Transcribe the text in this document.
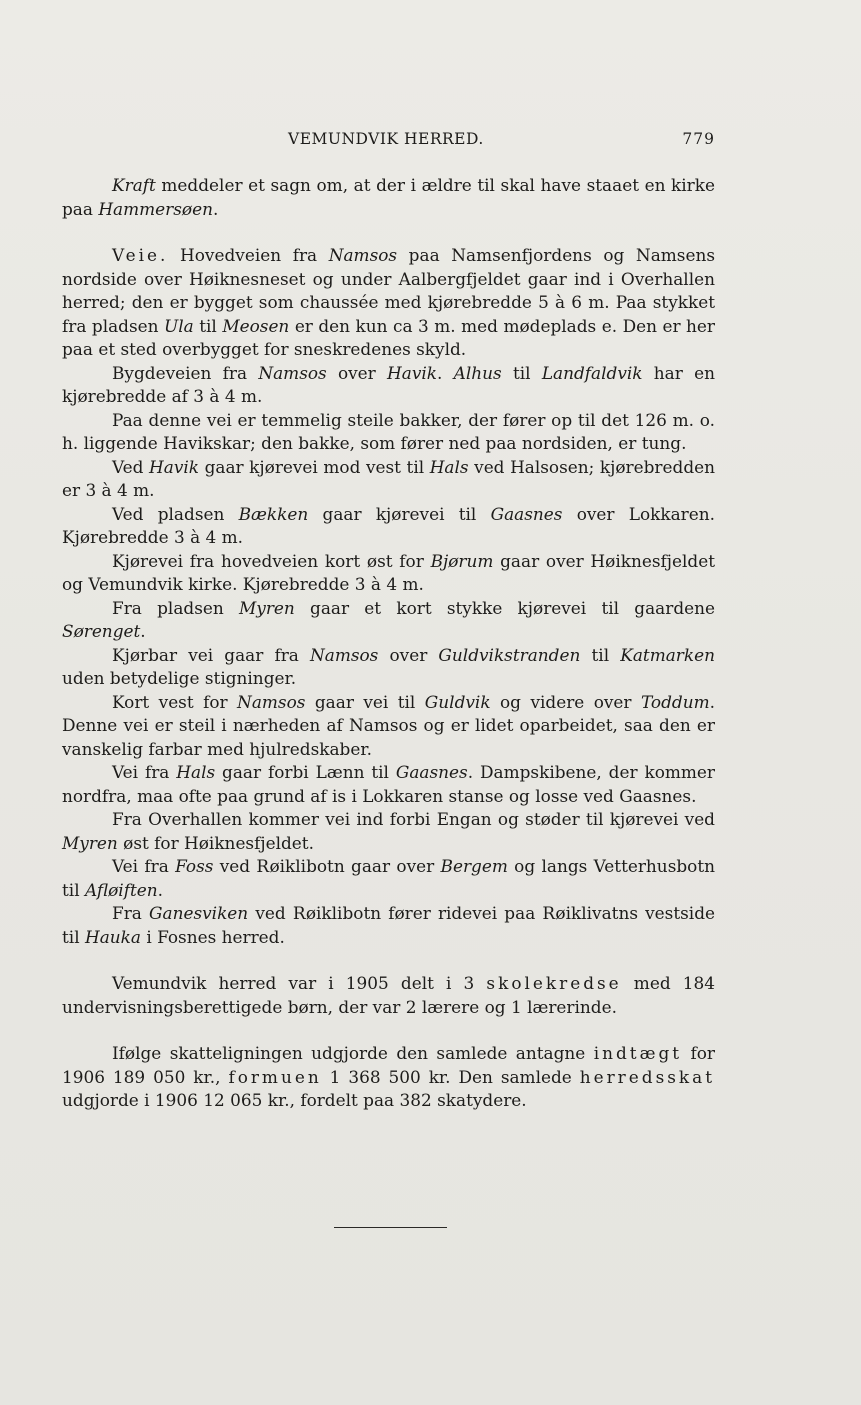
VEMUNDVIK HERRED.	779

Kraft meddeler et sagn om, at der i ældre til skal have staaet en kirke paa Hammersøen.

Veie. Hovedveien fra Namsos paa Namsenfjordens og Namsens nordside over Høiknesneset og under Aalbergfjeldet gaar ind i Overhallen herred; den er bygget som chaussée med kjørebredde 5 à 6 m. Paa stykket fra pladsen Ula til Meosen er den kun ca 3 m. med mødeplads e. Den er her paa et sted overbygget for sneskredenes skyld.

Bygdeveien fra Namsos over Havik. Alhus til Landfaldvik har en kjørebredde af 3 à 4 m.

Paa denne vei er temmelig steile bakker, der fører op til det 126 m. o. h. liggende Havikskar; den bakke, som fører ned paa nordsiden, er tung.

Ved Havik gaar kjørevei mod vest til Hals ved Halsosen; kjørebredden er 3 à 4 m.

Ved pladsen Bækken gaar kjørevei til Gaasnes over Lokkaren. Kjørebredde 3 à 4 m.

Kjørevei fra hovedveien kort øst for Bjørum gaar over Høiknesfjeldet og Vemundvik kirke. Kjørebredde 3 à 4 m.

Fra pladsen Myren gaar et kort stykke kjørevei til gaardene Sørenget.

Kjørbar vei gaar fra Namsos over Guldvikstranden til Katmarken uden betydelige stigninger.

Kort vest for Namsos gaar vei til Guldvik og videre over Toddum. Denne vei er steil i nærheden af Namsos og er lidet oparbeidet, saa den er vanskelig farbar med hjulredskaber.

Vei fra Hals gaar forbi Lænn til Gaasnes. Dampskibene, der kommer nordfra, maa ofte paa grund af is i Lokkaren stanse og losse ved Gaasnes.

Fra Overhallen kommer vei ind forbi Engan og støder til kjørevei ved Myren øst for Høiknesfjeldet.

Vei fra Foss ved Røiklibotn gaar over Bergem og langs Vetterhusbotn til Afløiften.

Fra Ganesviken ved Røiklibotn fører ridevei paa Røiklivatns vestside til Hauka i Fosnes herred.

Vemundvik herred var i 1905 delt i 3 skolekredse med 184 undervisningsberettigede børn, der var 2 lærere og 1 lærerinde.

Ifølge skatteligningen udgjorde den samlede antagne indtægt for 1906 189 050 kr., formuen 1 368 500 kr. Den samlede herredsskat udgjorde i 1906 12 065 kr., fordelt paa 382 skatydere.
